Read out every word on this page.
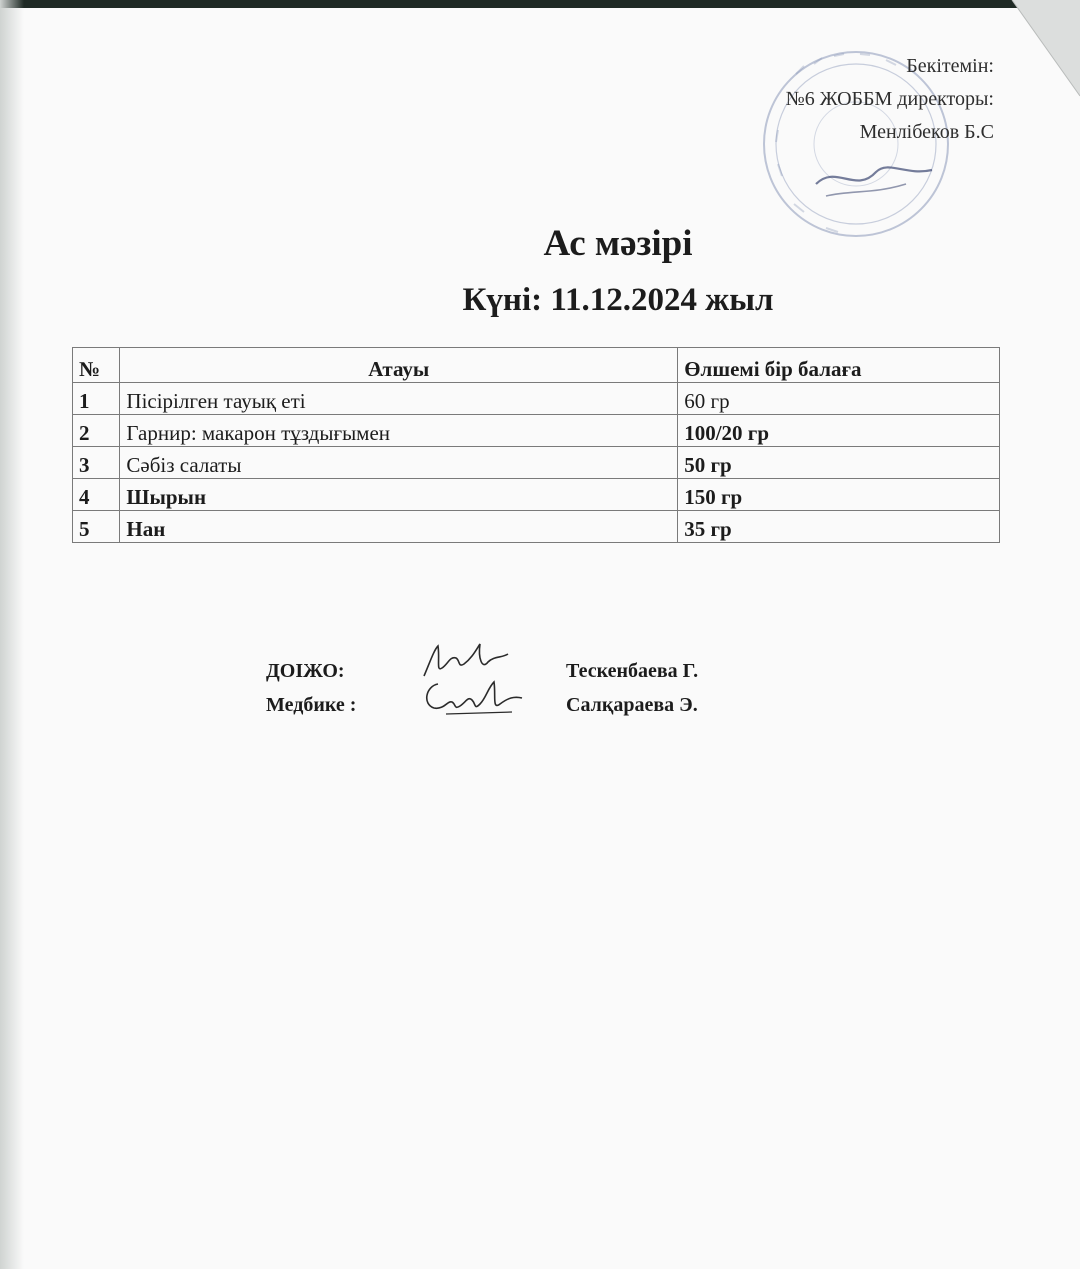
Бекітемін:
№6 ЖОББМ директоры:
Менлібеков Б.С
Ас мәзірі
Күні: 11.12.2024 жыл
№	Атауы	Өлшемі бір балаға
1	Пісірілген тауық еті	60 гр
2	Гарнир: макарон тұздығымен	100/20 гр
3	Сәбіз салаты	50 гр
4	Шырын	150 гр
5	Нан	35 гр
ДОІЖО:	Тескенбаева Г.
Медбике :	Салқараева Э.
